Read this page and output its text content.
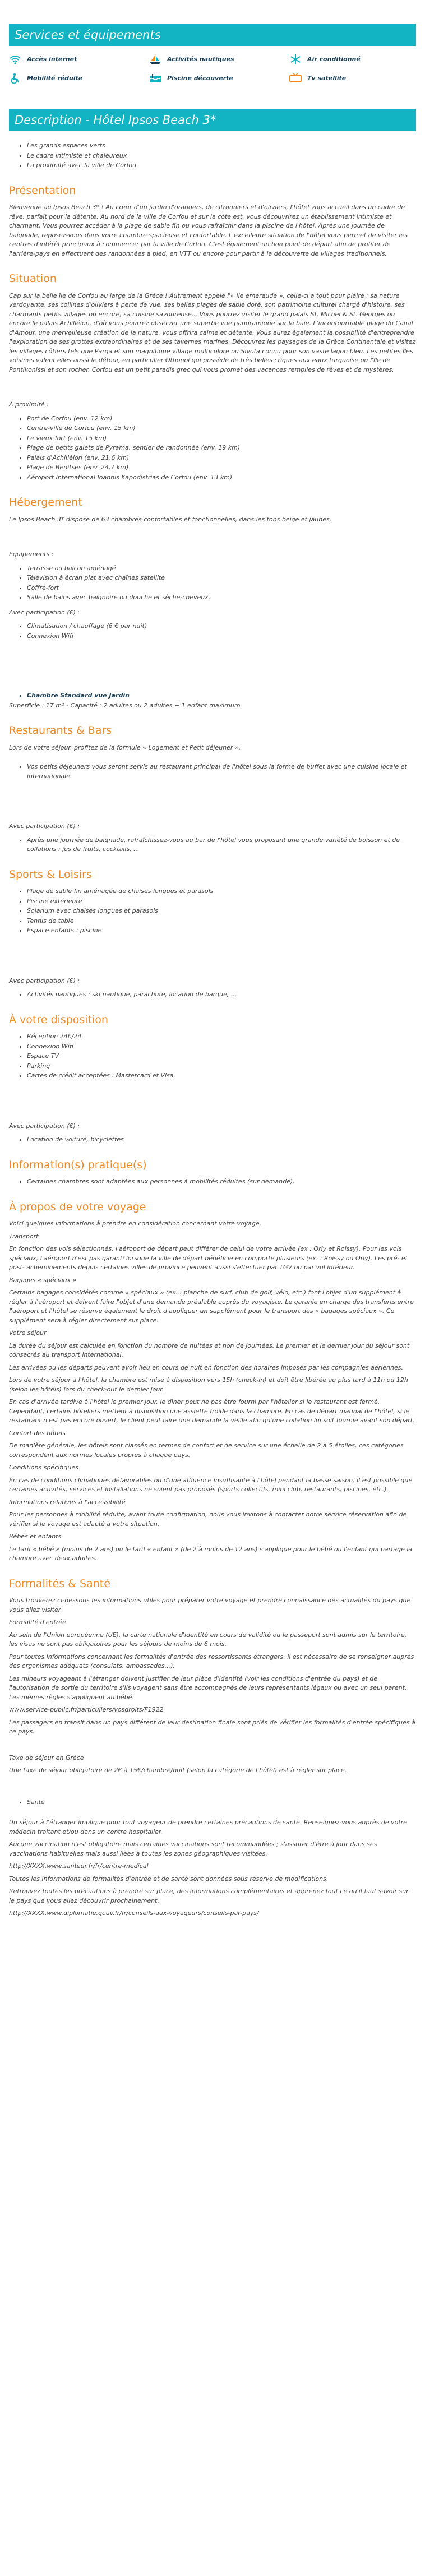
Services et équipements
Accès internet	Activités nautiques	Air conditionné
Mobilité réduite	Piscine découverte	Tv satellite
Description - Hôtel Ipsos Beach 3*
• Les grands espaces verts
• Le cadre intimiste et chaleureux
• La proximité avec la ville de Corfou
Présentation

Bienvenue au Ipsos Beach 3* ! Au cœur d'un jardin d'orangers, de citronniers et d'oliviers, l'hôtel vous accueil dans un cadre de rêve, parfait pour la détente. Au nord de la ville de Corfou et sur la côte est, vous découvrirez un établissement intimiste et charmant. Vous pourrez accéder à la plage de sable fin ou vous rafraîchir dans la piscine de l'hôtel. Après une journée de baignade, reposez-vous dans votre chambre spacieuse et confortable. L'excellente situation de l'hôtel vous permet de visiter les centres d'intérêt principaux à commencer par la ville de Corfou. C'est également un bon point de départ afin de profiter de l'arrière-pays en effectuant des randonnées à pied, en VTT ou encore pour partir à la découverte de villages traditionnels.

Situation

Cap sur la belle île de Corfou au large de la Grèce ! Autrement appelé l'« île émeraude », celle-ci a tout pour plaire : sa nature verdoyante, ses collines d'oliviers à perte de vue, ses belles plages de sable doré, son patrimoine culturel chargé d'histoire, ses charmants petits villages ou encore, sa cuisine savoureuse... Vous pourrez visiter le grand palais St. Michel & St. Georges ou encore le palais Achilléion, d'où vous pourrez observer une superbe vue panoramique sur la baie. L'incontournable plage du Canal d'Amour, une merveilleuse création de la nature, vous offrira calme et détente. Vous aurez également la possibilité d'entreprendre l'exploration de ses grottes extraordinaires et de ses tavernes marines. Découvrez les paysages de la Grèce Continentale et visitez les villages côtiers tels que Parga et son magnifique village multicolore ou Sivota connu pour son vaste lagon bleu. Les petites îles voisines valent elles aussi le détour, en particulier Othonoi qui possède de très belles criques aux eaux turquoise ou l'île de Pontikonissi et son rocher. Corfou est un petit paradis grec qui vous promet des vacances remplies de rêves et de mystères.

À proximité :

• Port de Corfou (env. 12 km)
• Centre-ville de Corfou (env. 15 km)
• Le vieux fort (env. 15 km)
• Plage de petits galets de Pyrama, sentier de randonnée (env. 19 km)
• Palais d'Achilléion (env. 21,6 km)
• Plage de Benitses (env. 24,7 km)
• Aéroport International Ioannis Kapodistrias de Corfou (env. 13 km)
Hébergement

Le Ipsos Beach 3* dispose de 63 chambres confortables et fonctionnelles, dans les tons beige et jaunes.

Equipements :

• Terrasse ou balcon aménagé
• Télévision à écran plat avec chaînes satellite
• Coffre-fort
• Salle de bains avec baignoire ou douche et sèche-cheveux.

Avec participation (€) :

• Climatisation / chauffage (6 € par nuit)
• Connexion Wifi
• Chambre Standard vue Jardin

Superficie : 17 m² - Capacité : 2 adultes ou 2 adultes + 1 enfant maximum

Restaurants & Bars

Lors de votre séjour, profitez de la formule « Logement et Petit déjeuner ».

• Vos petits déjeuners vous seront servis au restaurant principal de l'hôtel sous la forme de buffet avec une cuisine locale et internationale.

Avec participation (€) :

• Après une journée de baignade, rafraîchissez-vous au bar de l'hôtel vous proposant une grande variété de boisson et de collations : jus de fruits, cocktails, ...
Sports & Loisirs
• Plage de sable fin aménagée de chaises longues et parasols
• Piscine extérieure
• Solarium avec chaises longues et parasols
• Tennis de table
• Espace enfants : piscine

Avec participation (€) :

• Activités nautiques : ski nautique, parachute, location de barque, ...
À votre disposition
• Réception 24h/24
• Connexion Wifi
• Espace TV
• Parking
• Cartes de crédit acceptées : Mastercard et Visa.

Avec participation (€) :

• Location de voiture, bicyclettes
Information(s) pratique(s)
• Certaines chambres sont adaptées aux personnes à mobilités réduites (sur demande).
À propos de votre voyage

Voici quelques informations à prendre en considération concernant votre voyage.

Transport

En fonction des vols sélectionnés, l'aéroport de départ peut différer de celui de votre arrivée (ex : Orly et Roissy). Pour les vols spéciaux, l'aéroport n'est pas garanti lorsque la ville de départ bénéficie en comporte plusieurs (ex. : Roissy ou Orly). Les pré- et post- acheminements depuis certaines villes de province peuvent aussi s'effectuer par TGV ou par vol intérieur.

Bagages « spéciaux »

Certains bagages considérés comme « spéciaux » (ex. : planche de surf, club de golf, vélo, etc.) font l'objet d'un supplément à régler à l'aéroport et doivent faire l'objet d'une demande préalable auprès du voyagiste. Le garanie en charge des transferts entre l'aéroport et l'hôtel se réserve également le droit d'appliquer un supplément pour le transport des « bagages spéciaux ». Ce supplément sera à régler directement sur place.

Votre séjour

La durée du séjour est calculée en fonction du nombre de nuitées et non de journées. Le premier et le dernier jour du séjour sont consacrés au transport international.

Les arrivées ou les départs peuvent avoir lieu en cours de nuit en fonction des horaires imposés par les compagnies aériennes.

Lors de votre séjour à l'hôtel, la chambre est mise à disposition vers 15h (check-in) et doit être libérée au plus tard à 11h ou 12h (selon les hôtels) lors du check-out le dernier jour.

En cas d'arrivée tardive à l'hôtel le premier jour, le dîner peut ne pas être fourni par l'hôtelier si le restaurant est fermé. Cependant, certains hôteliers mettent à disposition une assiette froide dans la chambre. En cas de départ matinal de l'hôtel, si le restaurant n'est pas encore ouvert, le client peut faire une demande la veille afin qu'une collation lui soit fournie avant son départ.

Confort des hôtels

De manière générale, les hôtels sont classés en termes de confort et de service sur une échelle de 2 à 5 étoiles, ces catégories correspondent aux normes locales propres à chaque pays.

Conditions spécifiques

En cas de conditions climatiques défavorables ou d'une affluence insuffisante à l'hôtel pendant la basse saison, il est possible que certaines activités, services et installations ne soient pas proposés (sports collectifs, mini club, restaurants, piscines, etc.).

Informations relatives à l'accessibilité

Pour les personnes à mobilité réduite, avant toute confirmation, nous vous invitons à contacter notre service réservation afin de vérifier si le voyage est adapté à votre situation.

Bébés et enfants

Le tarif « bébé » (moins de 2 ans) ou le tarif « enfant » (de 2 à moins de 12 ans) s'applique pour le bébé ou l'enfant qui partage la chambre avec deux adultes.

Formalités & Santé

Vous trouverez ci-dessous les informations utiles pour préparer votre voyage et prendre connaissance des actualités du pays que vous allez visiter.

Formalité d'entrée

Au sein de l'Union européenne (UE), la carte nationale d'identité en cours de validité ou le passeport sont admis sur le territoire, les visas ne sont pas obligatoires pour les séjours de moins de 6 mois.

Pour toutes informations concernant les formalités d'entrée des ressortissants étrangers, il est nécessaire de se renseigner auprès des organismes adéquats (consulats, ambassades...).

Les mineurs voyageant à l'étranger doivent justifier de leur pièce d'identité (voir les conditions d'entrée du pays) et de l'autorisation de sortie du territoire s'ils voyagent sans être accompagnés de leurs représentants légaux ou avec un seul parent. Les mêmes règles s'appliquent au bébé.

www.service-public.fr/particuliers/vosdroits/F1922

Les passagers en transit dans un pays différent de leur destination finale sont priés de vérifier les formalités d'entrée spécifiques à ce pays.

Taxe de séjour en Grèce

Une taxe de séjour obligatoire de 2€ à 15€/chambre/nuit (selon la catégorie de l'hôtel) est à régler sur place.

• Santé

Un séjour à l'étranger implique pour tout voyageur de prendre certaines précautions de santé. Renseignez-vous auprès de votre médecin traitant et/ou dans un centre hospitalier.

Aucune vaccination n'est obligatoire mais certaines vaccinations sont recommandées ; s'assurer d'être à jour dans ses vaccinations habituelles mais aussi liées à toutes les zones géographiques visitées.

http://XXXX.www.santeur.fr/fr/centre-medical

Toutes les informations de formalités d'entrée et de santé sont données sous réserve de modifications.

Retrouvez toutes les précautions à prendre sur place, des informations complémentaires et apprenez tout ce qu'il faut savoir sur le pays que vous allez découvrir prochainement.

http://XXXX.www.diplomatie.gouv.fr/fr/conseils-aux-voyageurs/conseils-par-pays/
